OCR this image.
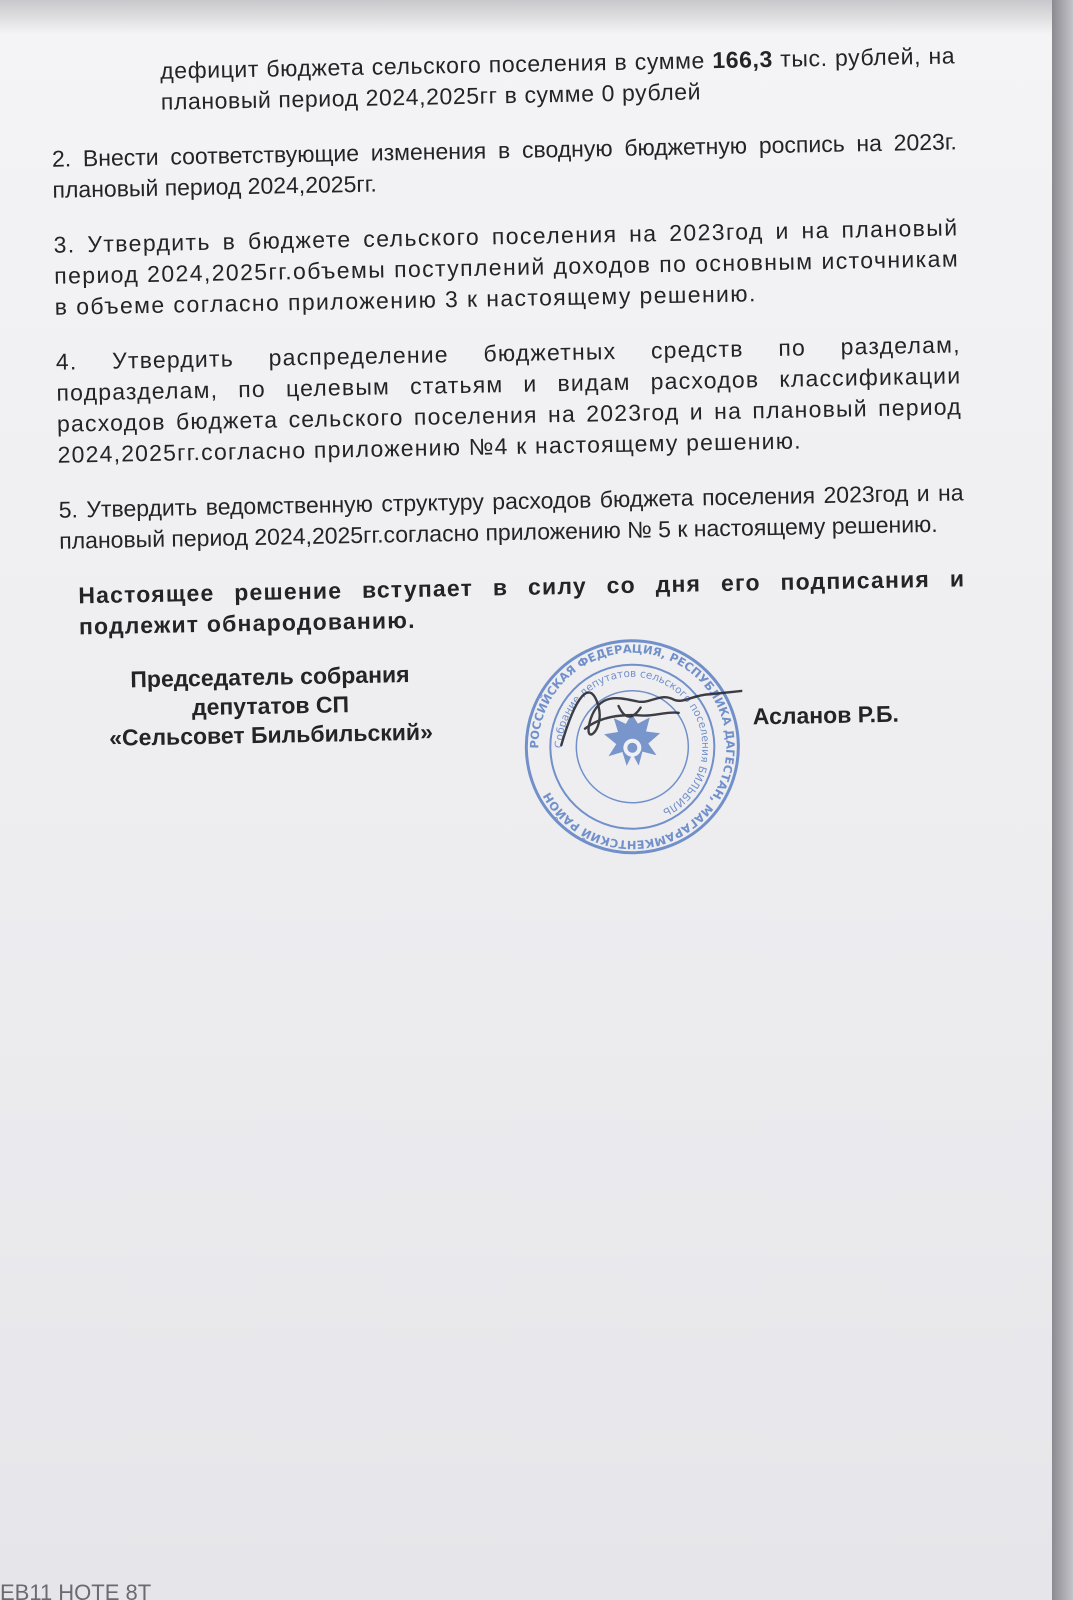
дефицит бюджета сельского поселения в сумме 166,3 тыс. рублей, на плановый период 2024,2025гг в сумме 0 рублей

2. Внести соответствующие изменения в сводную бюджетную роспись на 2023г. плановый период 2024,2025гг.

3. Утвердить в бюджете сельского поселения на 2023год и на плановый период 2024,2025гг.объемы поступлений доходов по основным источникам в объеме согласно приложению 3 к настоящему решению.

4. Утвердить распределение бюджетных средств по разделам, подразделам, по целевым статьям и видам расходов классификации расходов бюджета сельского поселения на 2023год и на плановый период 2024,2025гг.согласно приложению №4 к настоящему решению.

5. Утвердить ведомственную структуру расходов бюджета поселения 2023год и на плановый период 2024,2025гг.согласно приложению № 5 к настоящему решению.

Настоящее решение вступает в силу со дня его подписания и подлежит обнародованию.

Председатель собрания
депутатов СП
«Сельсовет Бильбильский»	РОССИЙСКАЯ ФЕДЕРАЦИЯ, РЕСПУБЛИКА ДАГЕСТАН, МАГАРАМКЕНТСКИЙ РАЙОН
Собрание депутатов сельского поселения БИЛЬБИЛЬ
Асланов Р.Б.
ЕВ11 НОТЕ 8Т
